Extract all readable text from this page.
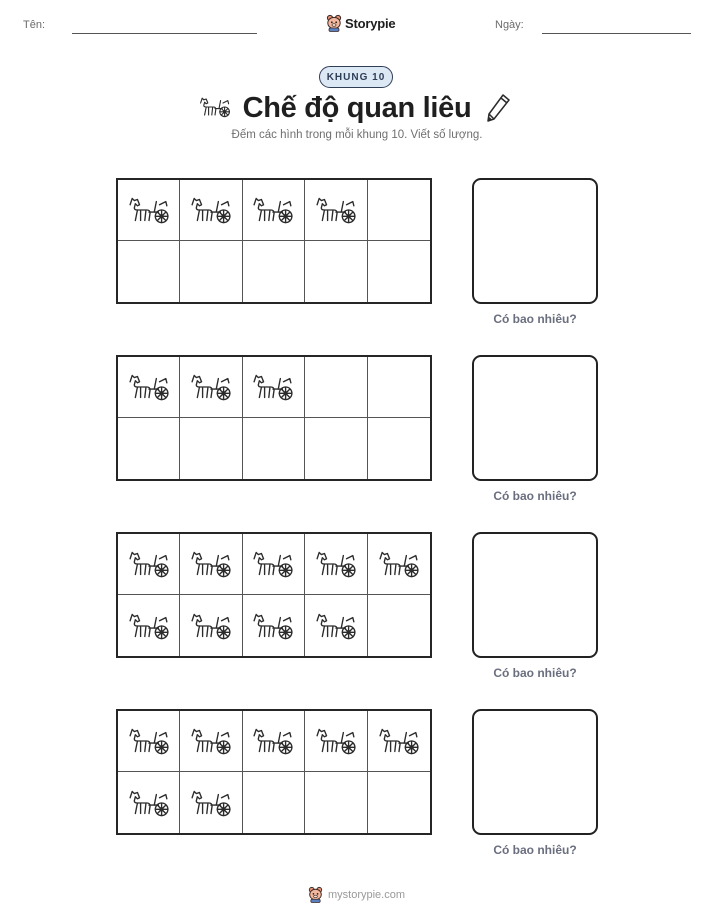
Tên:	Storypie	Ngày:
KHUNG 10
Chế độ quan liêu
Đếm các hình trong mỗi khung 10. Viết số lượng.
Có bao nhiêu?
Có bao nhiêu?
Có bao nhiêu?
Có bao nhiêu?
mystorypie.com
